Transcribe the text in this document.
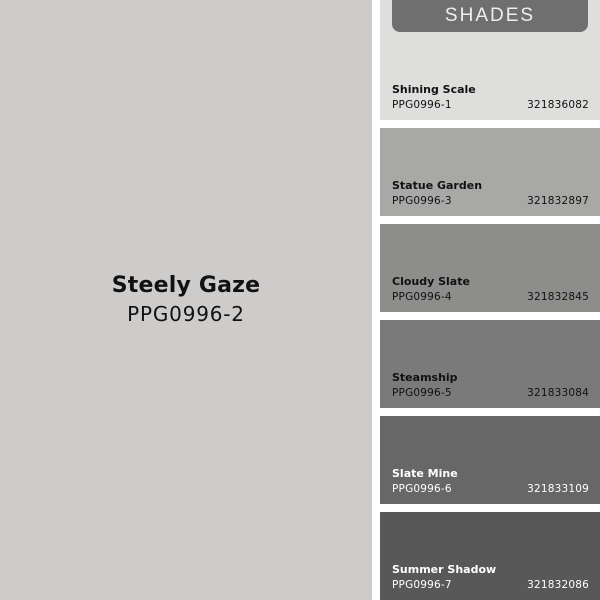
Steely Gaze
PPG0996-2
SHADES
Shining Scale
PPG0996-1	321836082
Statue Garden
PPG0996-3	321832897
Cloudy Slate
PPG0996-4	321832845
Steamship
PPG0996-5	321833084
Slate Mine
PPG0996-6	321833109
Summer Shadow
PPG0996-7	321832086
